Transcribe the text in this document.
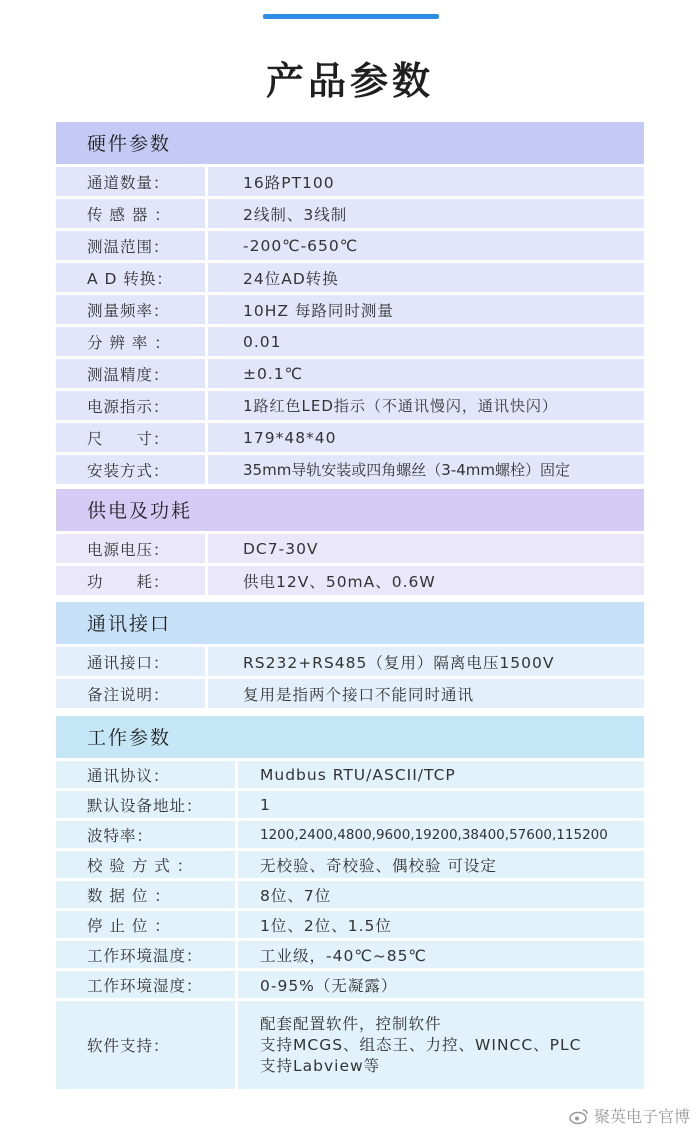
产品参数
硬件参数
通道数量：	16路PT100
传 感 器 ：	2线制、3线制
测温范围：	-200℃-650℃
A D 转换：	24位AD转换
测量频率：	10HZ 每路同时测量
分 辨 率 ：	0.01
测温精度：	±0.1℃
电源指示：	1路红色LED指示（不通讯慢闪，通讯快闪）
尺　　寸：	179*48*40
安装方式：	35mm导轨安装或四角螺丝（3-4mm螺栓）固定
供电及功耗
电源电压：	DC7-30V
功　　耗：	供电12V、50mA、0.6W
通讯接口
通讯接口：	RS232+RS485（复用）隔离电压1500V
备注说明：	复用是指两个接口不能同时通讯
工作参数
通讯协议：	Mudbus RTU/ASCII/TCP
默认设备地址：	1
波特率：	1200,2400,4800,9600,19200,38400,57600,115200
校 验 方 式 ：	无校验、奇校验、偶校验 可设定
数 据 位 ：	8位、7位
停 止 位 ：	1位、2位、1.5位
工作环境温度：	工业级，-40℃~85℃
工作环境湿度：	0-95%（无凝露）
软件支持：
配套配置软件，控制软件
支持MCGS、组态王、力控、WINCC、PLC
支持Labview等
聚英电子官博
